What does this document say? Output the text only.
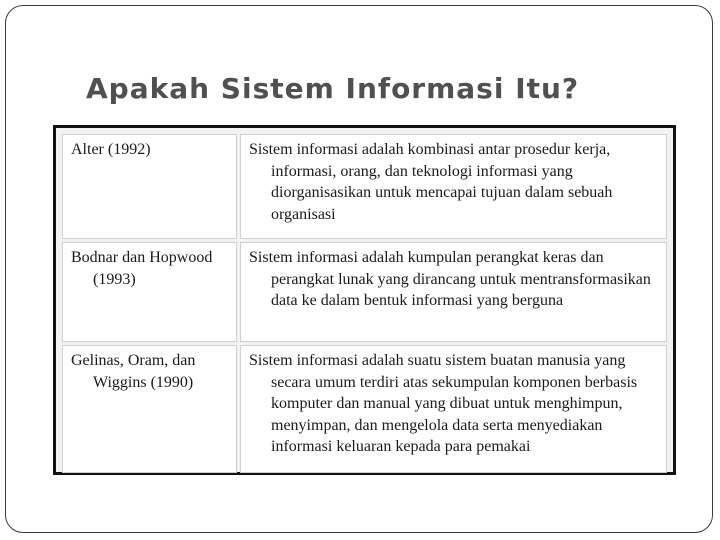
Apakah Sistem Informasi Itu?
Alter (1992)	Sistem informasi adalah kombinasi antar prosedur kerja, informasi, orang, dan teknologi informasi yang diorganisasikan untuk mencapai tujuan dalam sebuah organisasi

Bodnar dan Hopwood (1993)	Sistem informasi adalah kumpulan perangkat keras dan perangkat lunak yang dirancang untuk mentransformasikan data ke dalam bentuk informasi yang berguna

Gelinas, Oram, dan Wiggins (1990)	Sistem informasi adalah suatu sistem buatan manusia yang secara umum terdiri atas sekumpulan komponen berbasis komputer dan manual yang dibuat untuk menghimpun, menyimpan, dan mengelola data serta menyediakan informasi keluaran kepada para pemakai
